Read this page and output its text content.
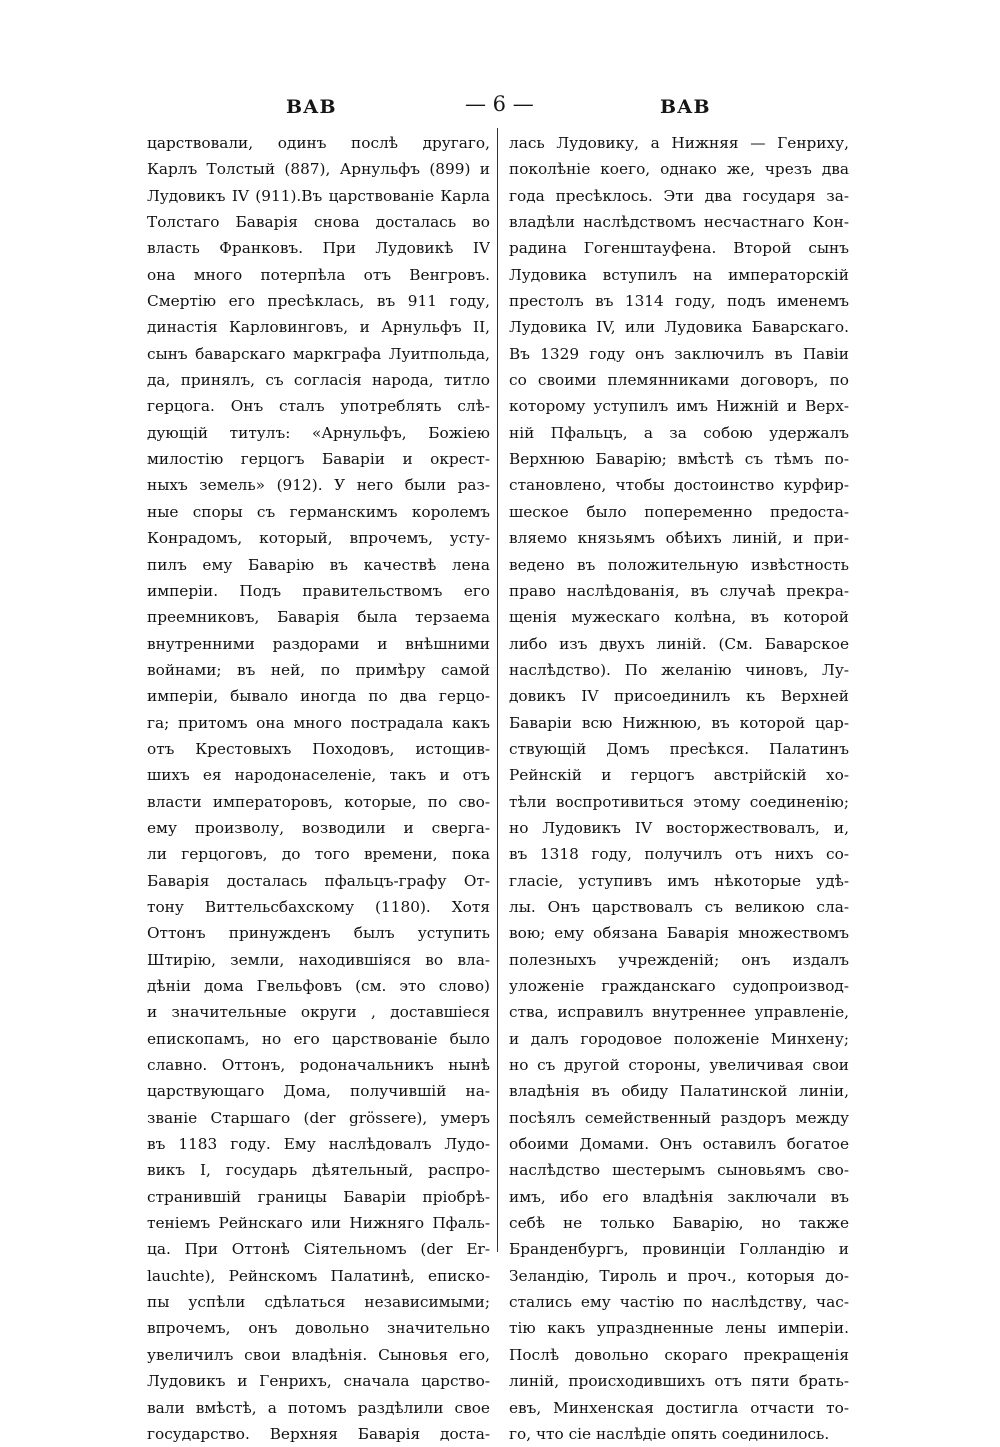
ВАВ	— 6 —	ВАВ
царствовали, одинъ послѣ другаго,
Карлъ Толстый (887), Арнульфъ (899) и
Лудовикъ IV (911).Въ царствованіе Карла
Толстаго Баварія снова досталась во
власть Франковъ. При Лудовикѣ IV
она много потерпѣла отъ Венгровъ.
Смертію его пресѣклась, въ 911 году,
династія Карловинговъ, и Арнульфъ II,
сынъ баварскаго маркграфа Луитпольда,
да, принялъ, съ согласія народа, титло
герцога. Онъ сталъ употреблять слѣ-
дующій титулъ: «Арнульфъ, Божіею
милостію герцогъ Баваріи и окрест-
ныхъ земель» (912). У него были раз-
ные споры съ германскимъ королемъ
Конрадомъ, который, впрочемъ, усту-
пилъ ему Баварію въ качествѣ лена
имперіи. Подъ правительствомъ его
преемниковъ, Баварія была терзаема
внутренними раздорами и внѣшними
войнами; въ ней, по примѣру самой
имперіи, бывало иногда по два герцо-
га; притомъ она много пострадала какъ
отъ Крестовыхъ Походовъ, истощив-
шихъ ея народонаселеніе, такъ и отъ
власти императоровъ, которые, по сво-
ему произволу, возводили и сверга-
ли герцоговъ, до того времени, пока
Баварія досталась пфальцъ-графу От-
тону Виттельсбахскому (1180). Хотя
Оттонъ принужденъ былъ уступить
Штирію, земли, находившіяся во вла-
дѣніи дома Гвельфовъ (см. это слово)
и значительные округи , доставшіеся
епископамъ, но его царствованіе было
славно. Оттонъ, родоначальникъ нынѣ
царствующаго Дома, получившій на-
званіе Старшаго (der grössere), умеръ
въ 1183 году. Ему наслѣдовалъ Лудо-
викъ I, государь дѣятельный, распро-
странившій границы Баваріи пріобрѣ-
теніемъ Рейнскаго или Нижняго Пфаль-
ца. При Оттонѣ Сіятельномъ (der Er-
lauchte), Рейнскомъ Палатинѣ, еписко-
пы успѣли сдѣлаться независимыми;
впрочемъ, онъ довольно значительно
увеличилъ свои владѣнія. Сыновья его,
Лудовикъ и Генрихъ, сначала царство-
вали вмѣстѣ, а потомъ раздѣлили свое
государство. Верхняя Баварія доста-
лась Лудовику, а Нижняя — Генриху,
поколѣніе коего, однако же, чрезъ два
года пресѣклось. Эти два государя за-
владѣли наслѣдствомъ несчастнаго Кон-
радина Гогенштауфена. Второй сынъ
Лудовика вступилъ на императорскій
престолъ въ 1314 году, подъ именемъ
Лудовика IV, или Лудовика Баварскаго.
Въ 1329 году онъ заключилъ въ Павіи
со своими племянниками договоръ, по
которому уступилъ имъ Нижній и Верх-
ній Пфальцъ, а за собою удержалъ
Верхнюю Баварію; вмѣстѣ съ тѣмъ по-
становлено, чтобы достоинство курфир-
шеское было попеременно предоста-
вляемо князьямъ обѣихъ линій, и при-
ведено въ положительную извѣстность
право наслѣдованія, въ случаѣ прекра-
щенія мужескаго колѣна, въ которой
либо изъ двухъ линій. (См. Баварское
наслѣдство). По желанію чиновъ, Лу-
довикъ IV присоединилъ къ Верхней
Баваріи всю Нижнюю, въ которой цар-
ствующій Домъ пресѣкся. Палатинъ
Рейнскій и герцогъ австрійскій хо-
тѣли воспротивиться этому соединенію;
но Лудовикъ IV восторжествовалъ, и,
въ 1318 году, получилъ отъ нихъ со-
гласіе, уступивъ имъ нѣкоторые удѣ-
лы. Онъ царствовалъ съ великою сла-
вою; ему обязана Баварія множествомъ
полезныхъ учрежденій; онъ издалъ
уложеніе гражданскаго судопроизвод-
ства, исправилъ внутреннее управленіе,
и далъ городовое положеніе Минхену;
но съ другой стороны, увеличивая свои
владѣнія въ обиду Палатинской линіи,
посѣялъ семейственный раздоръ между
обоими Домами. Онъ оставилъ богатое
наслѣдство шестерымъ сыновьямъ сво-
имъ, ибо его владѣнія заключали въ
себѣ не только Баварію, но также
Бранденбургъ, провинціи Голландію и
Зеландію, Тироль и проч., которыя до-
стались ему частію по наслѣдству, час-
тію какъ упраздненные лены имперіи.
Послѣ довольно скораго прекращенія
линій, происходившихъ отъ пяти брать-
евъ, Минхенская достигла отчасти то-
го, что сіе наслѣдіе опять соединилось.
